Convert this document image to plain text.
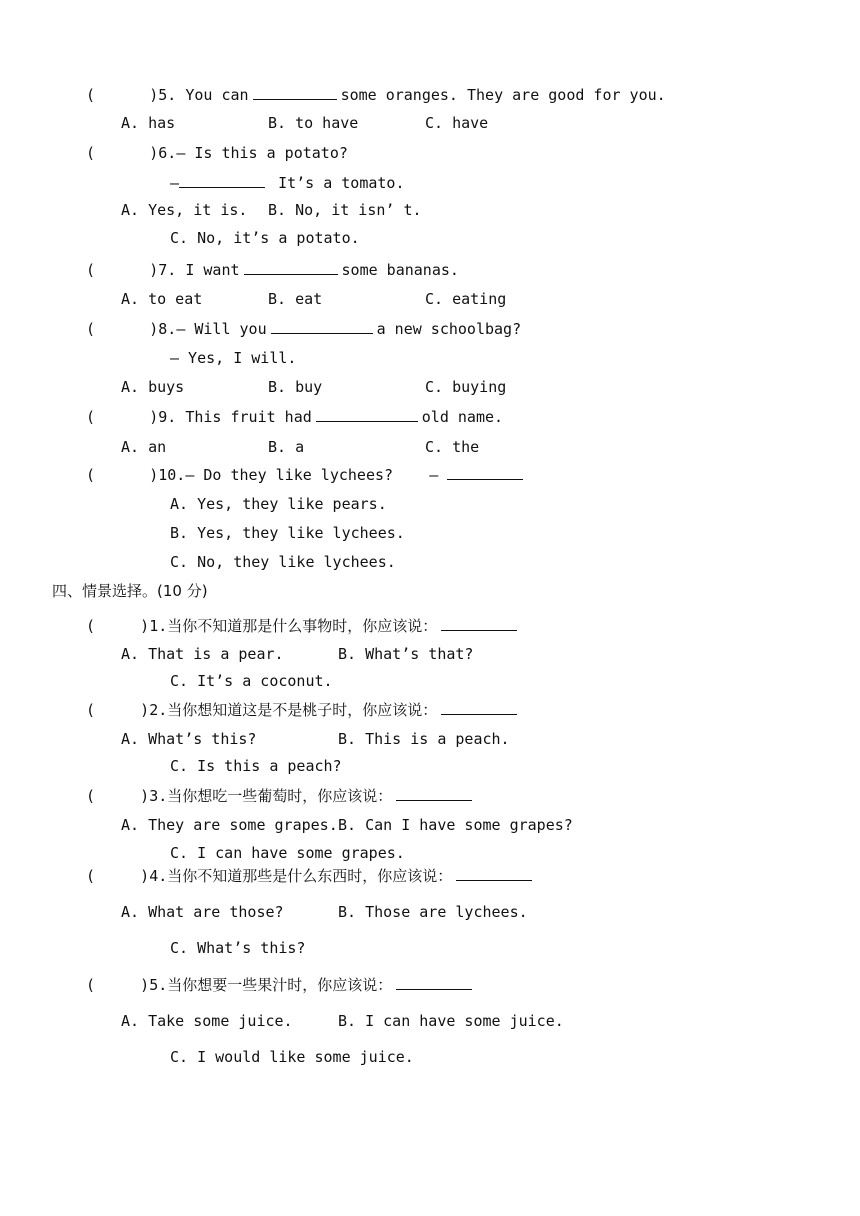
(      )5. You can	some oranges. They are good for you.
A. has	B. to have	C. have
(      )6.— Is this a potato?
—	It’s a tomato.
A. Yes, it is. B. No, it isn’ t.
C. No, it’s a potato.
(      )7. I want	some bananas.
A. to eat	B. eat	C. eating
(      )8.— Will you	a new schoolbag?
— Yes, I will.
A. buys	B. buy	C. buying
(      )9. This fruit had	old name.
A. an	B. a	C. the
(      )10.— Do they like lychees? —
A. Yes, they like pears.
B. Yes, they like lychees.
C. No, they like lychees.
四、情景选择。(10 分)
(     )1.当你不知道那是什么事物时，你应该说：
A. That is a pear.	B. What’s that?
C. It’s a coconut.
(     )2.当你想知道这是不是桃子时，你应该说：
A. What’s this?	B. This is a peach.
C. Is this a peach?
(     )3.当你想吃一些葡萄时，你应该说：
A. They are some grapes. B. Can I have some grapes?
C. I can have some grapes.
(     )4.当你不知道那些是什么东西时，你应该说：
A. What are those?	B. Those are lychees.
C. What’s this?
(     )5.当你想要一些果汁时，你应该说：
A. Take some juice.	B. I can have some juice.
C. I would like some juice.
